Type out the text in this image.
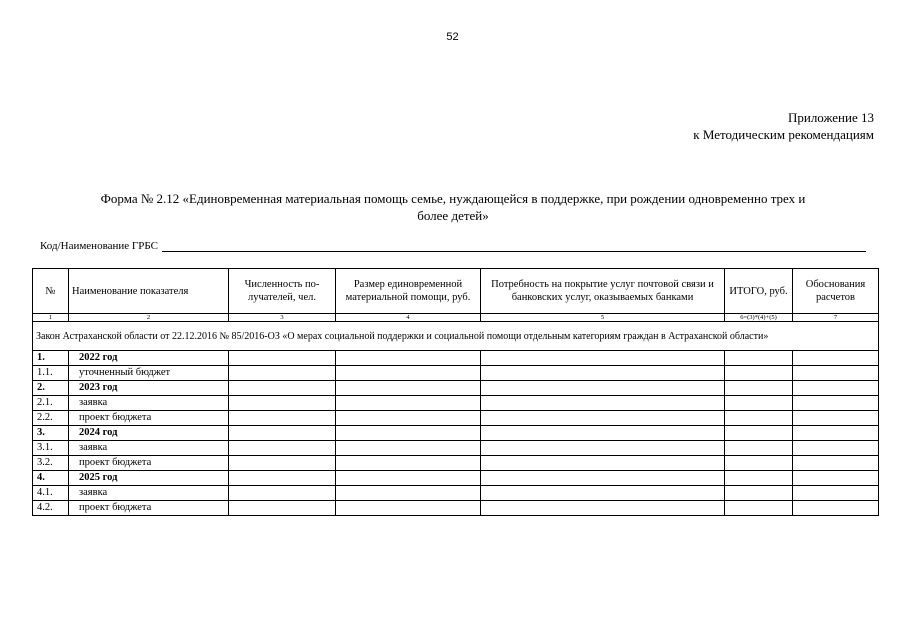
52
Приложение 13
к Методическим рекомендациям
Форма № 2.12 «Единовременная материальная помощь семье, нуждающейся в поддержке, при рождении одновременно трех и
более детей»
Код/Наименование ГРБС
№	Наименование показателя	Численность по-лучателей, чел.	Размер единовременной материальной помощи, руб.	Потребность на покрытие услуг почтовой связи и банковских услуг, оказываемых банками	ИТОГО, руб.	Обоснования расчетов
1	2	3	4	5	6=(3)*(4)+(5)	7
Закон Астраханской области от 22.12.2016 № 85/2016-ОЗ «О мерах социальной поддержки и социальной помощи отдельным категориям граждан в Астраханской области»						
1.	2022 год					
1.1.	уточненный бюджет					
2.	2023 год					
2.1.	заявка					
2.2.	проект бюджета					
3.	2024 год					
3.1.	заявка					
3.2.	проект бюджета					
4.	2025 год					
4.1.	заявка					
4.2.	проект бюджета					
